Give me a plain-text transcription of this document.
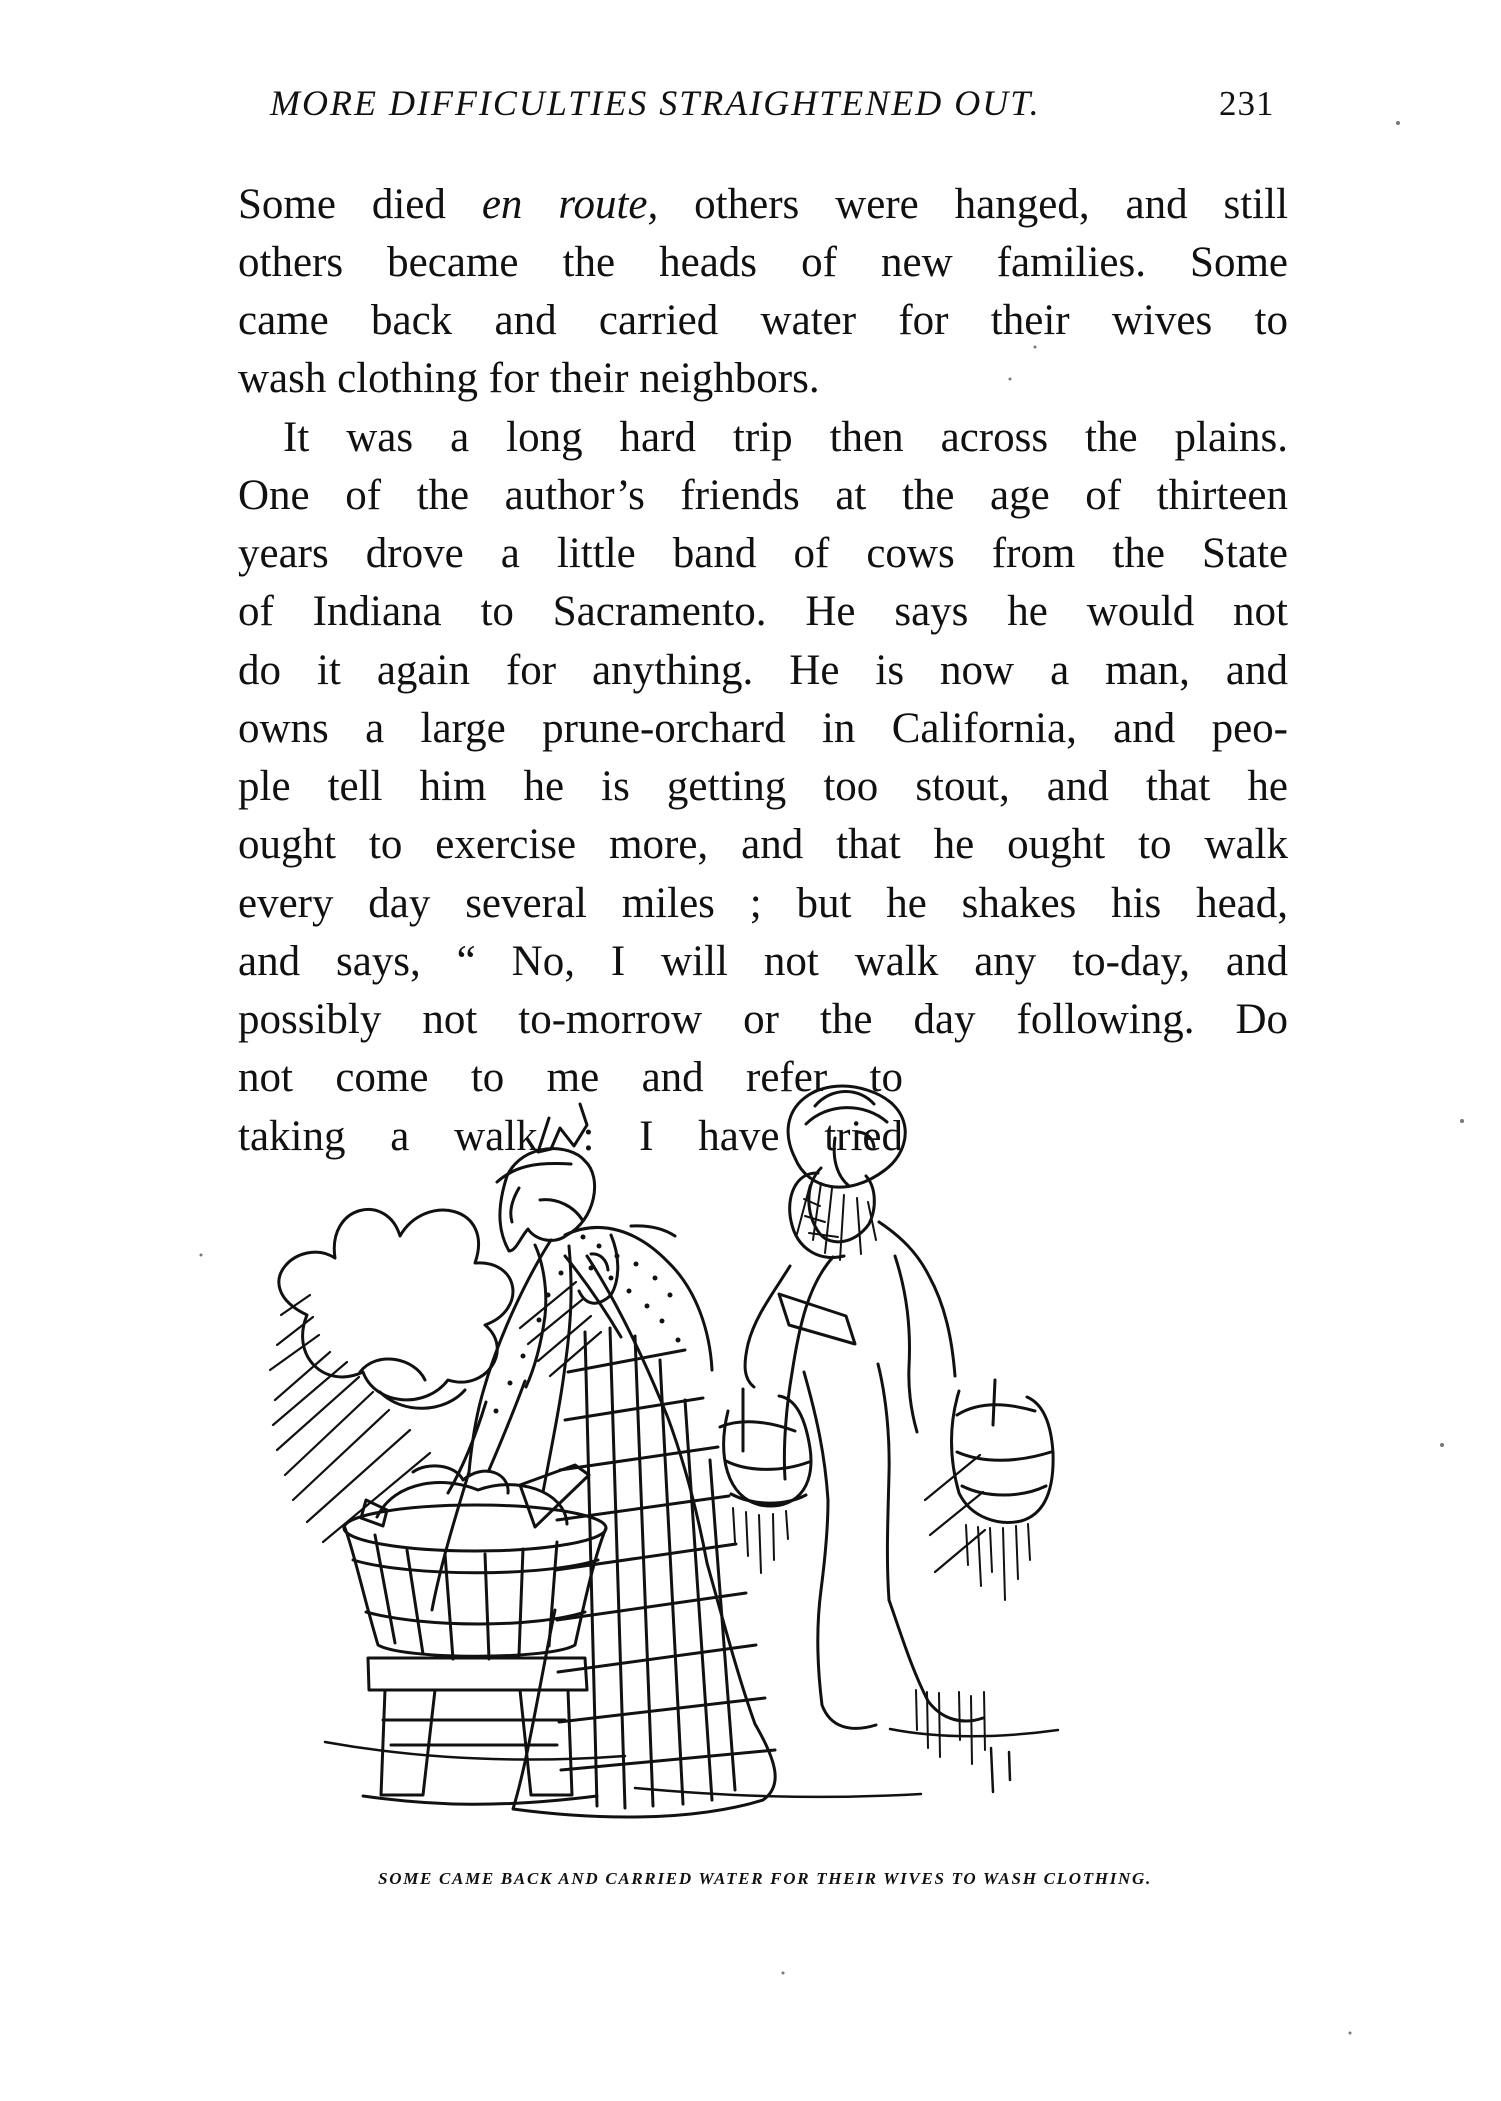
MORE DIFFICULTIES STRAIGHTENED OUT.	231
Some died en route, others were hanged, and still
others became the heads of new families. Some
came back and carried water for their wives to
wash clothing for their neighbors.
It was a long hard trip then across the plains.
One of the author’s friends at the age of thirteen
years drove a little band of cows from the State
of Indiana to Sacramento. He says he would not
do it again for anything. He is now a man, and
owns a large prune-orchard in California, and peo-
ple tell him he is getting too stout, and that he
ought to exercise more, and that he ought to walk
every day several miles ; but he shakes his head,
and says, “ No, I will not walk any to-day, and
possibly not to-morrow or the day following. Do
not come to me and refer to
taking a walk : I have tried
SOME CAME BACK AND CARRIED WATER FOR THEIR WIVES TO WASH CLOTHING.
